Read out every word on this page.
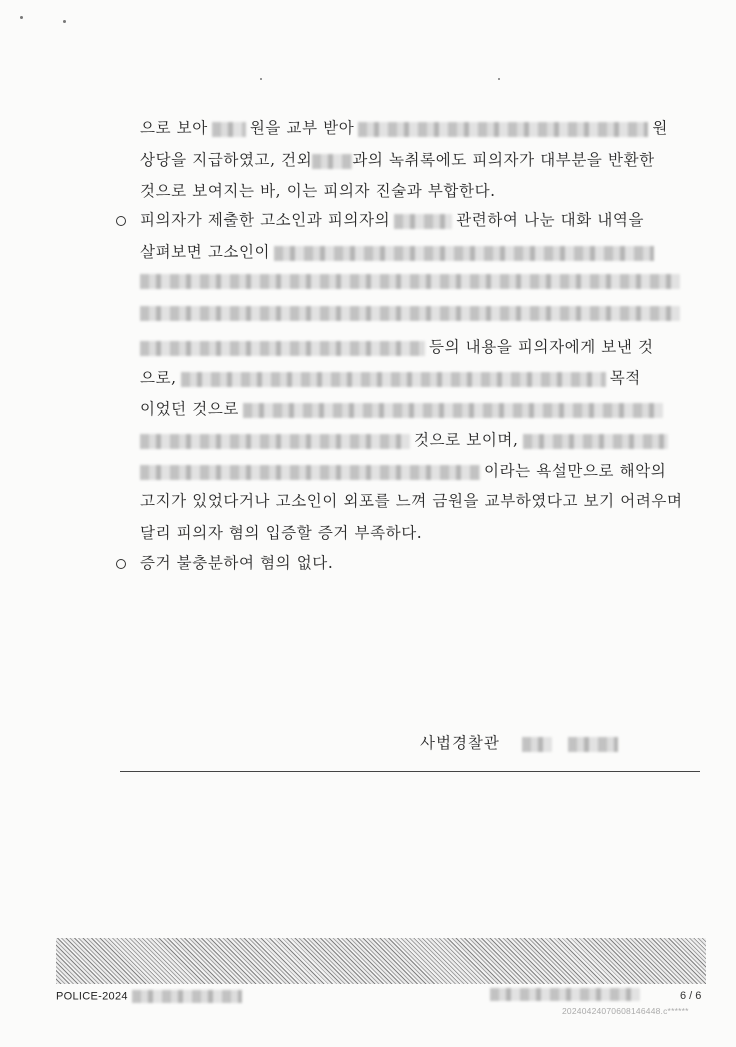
으로 보아	원을 교부 받아	원
상당을 지급하였고, 건외	과의 녹취록에도 피의자가 대부분을 반환한
것으로 보여지는 바, 이는 피의자 진술과 부합한다.
피의자가 제출한 고소인과 피의자의	관련하여 나눈 대화 내역을
살펴보면 고소인이
등의 내용을 피의자에게 보낸 것
으로,	목적
이었던 것으로
것으로 보이며,
이라는 욕설만으로 해악의
고지가 있었다거나 고소인이 외포를 느껴 금원을 교부하였다고 보기 어려우며
달리 피의자 혐의 입증할 증거 부족하다.
증거 불충분하여 혐의 없다.
사법경찰관
POLICE-2024	6 / 6
20240424070608146448.c******
